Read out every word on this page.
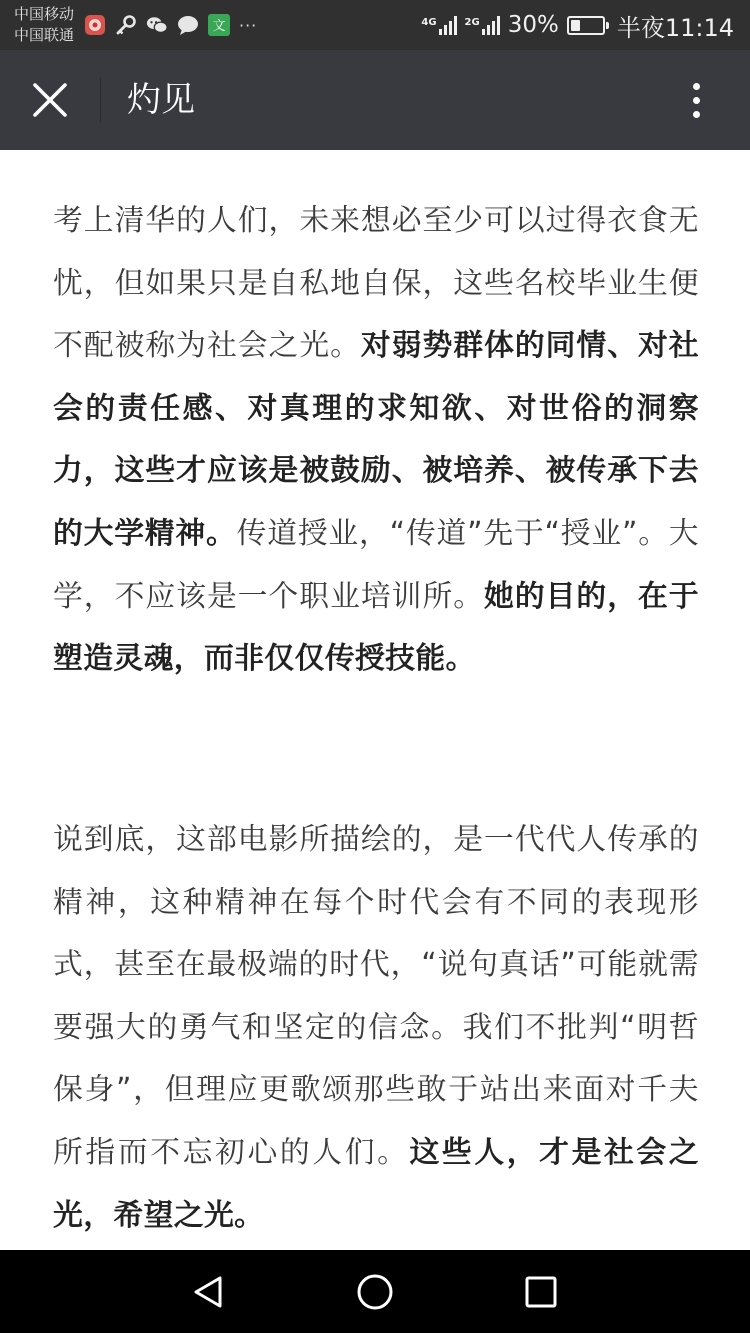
中国移动
中国联通	文 ···	4G	2G 30% 半夜11:14
灼见

考上清华的人们，未来想必至少可以过得衣食无忧，但如果只是自私地自保，这些名校毕业生便不配被称为社会之光。对弱势群体的同情、对社会的责任感、对真理的求知欲、对世俗的洞察力，这些才应该是被鼓励、被培养、被传承下去的大学精神。传道授业，“传道”先于“授业”。大学，不应该是一个职业培训所。她的目的，在于塑造灵魂，而非仅仅传授技能。

说到底，这部电影所描绘的，是一代代人传承的精神，这种精神在每个时代会有不同的表现形式，甚至在最极端的时代，“说句真话”可能就需要强大的勇气和坚定的信念。我们不批判“明哲保身”，但理应更歌颂那些敢于站出来面对千夫所指而不忘初心的人们。这些人，才是社会之光，希望之光。
